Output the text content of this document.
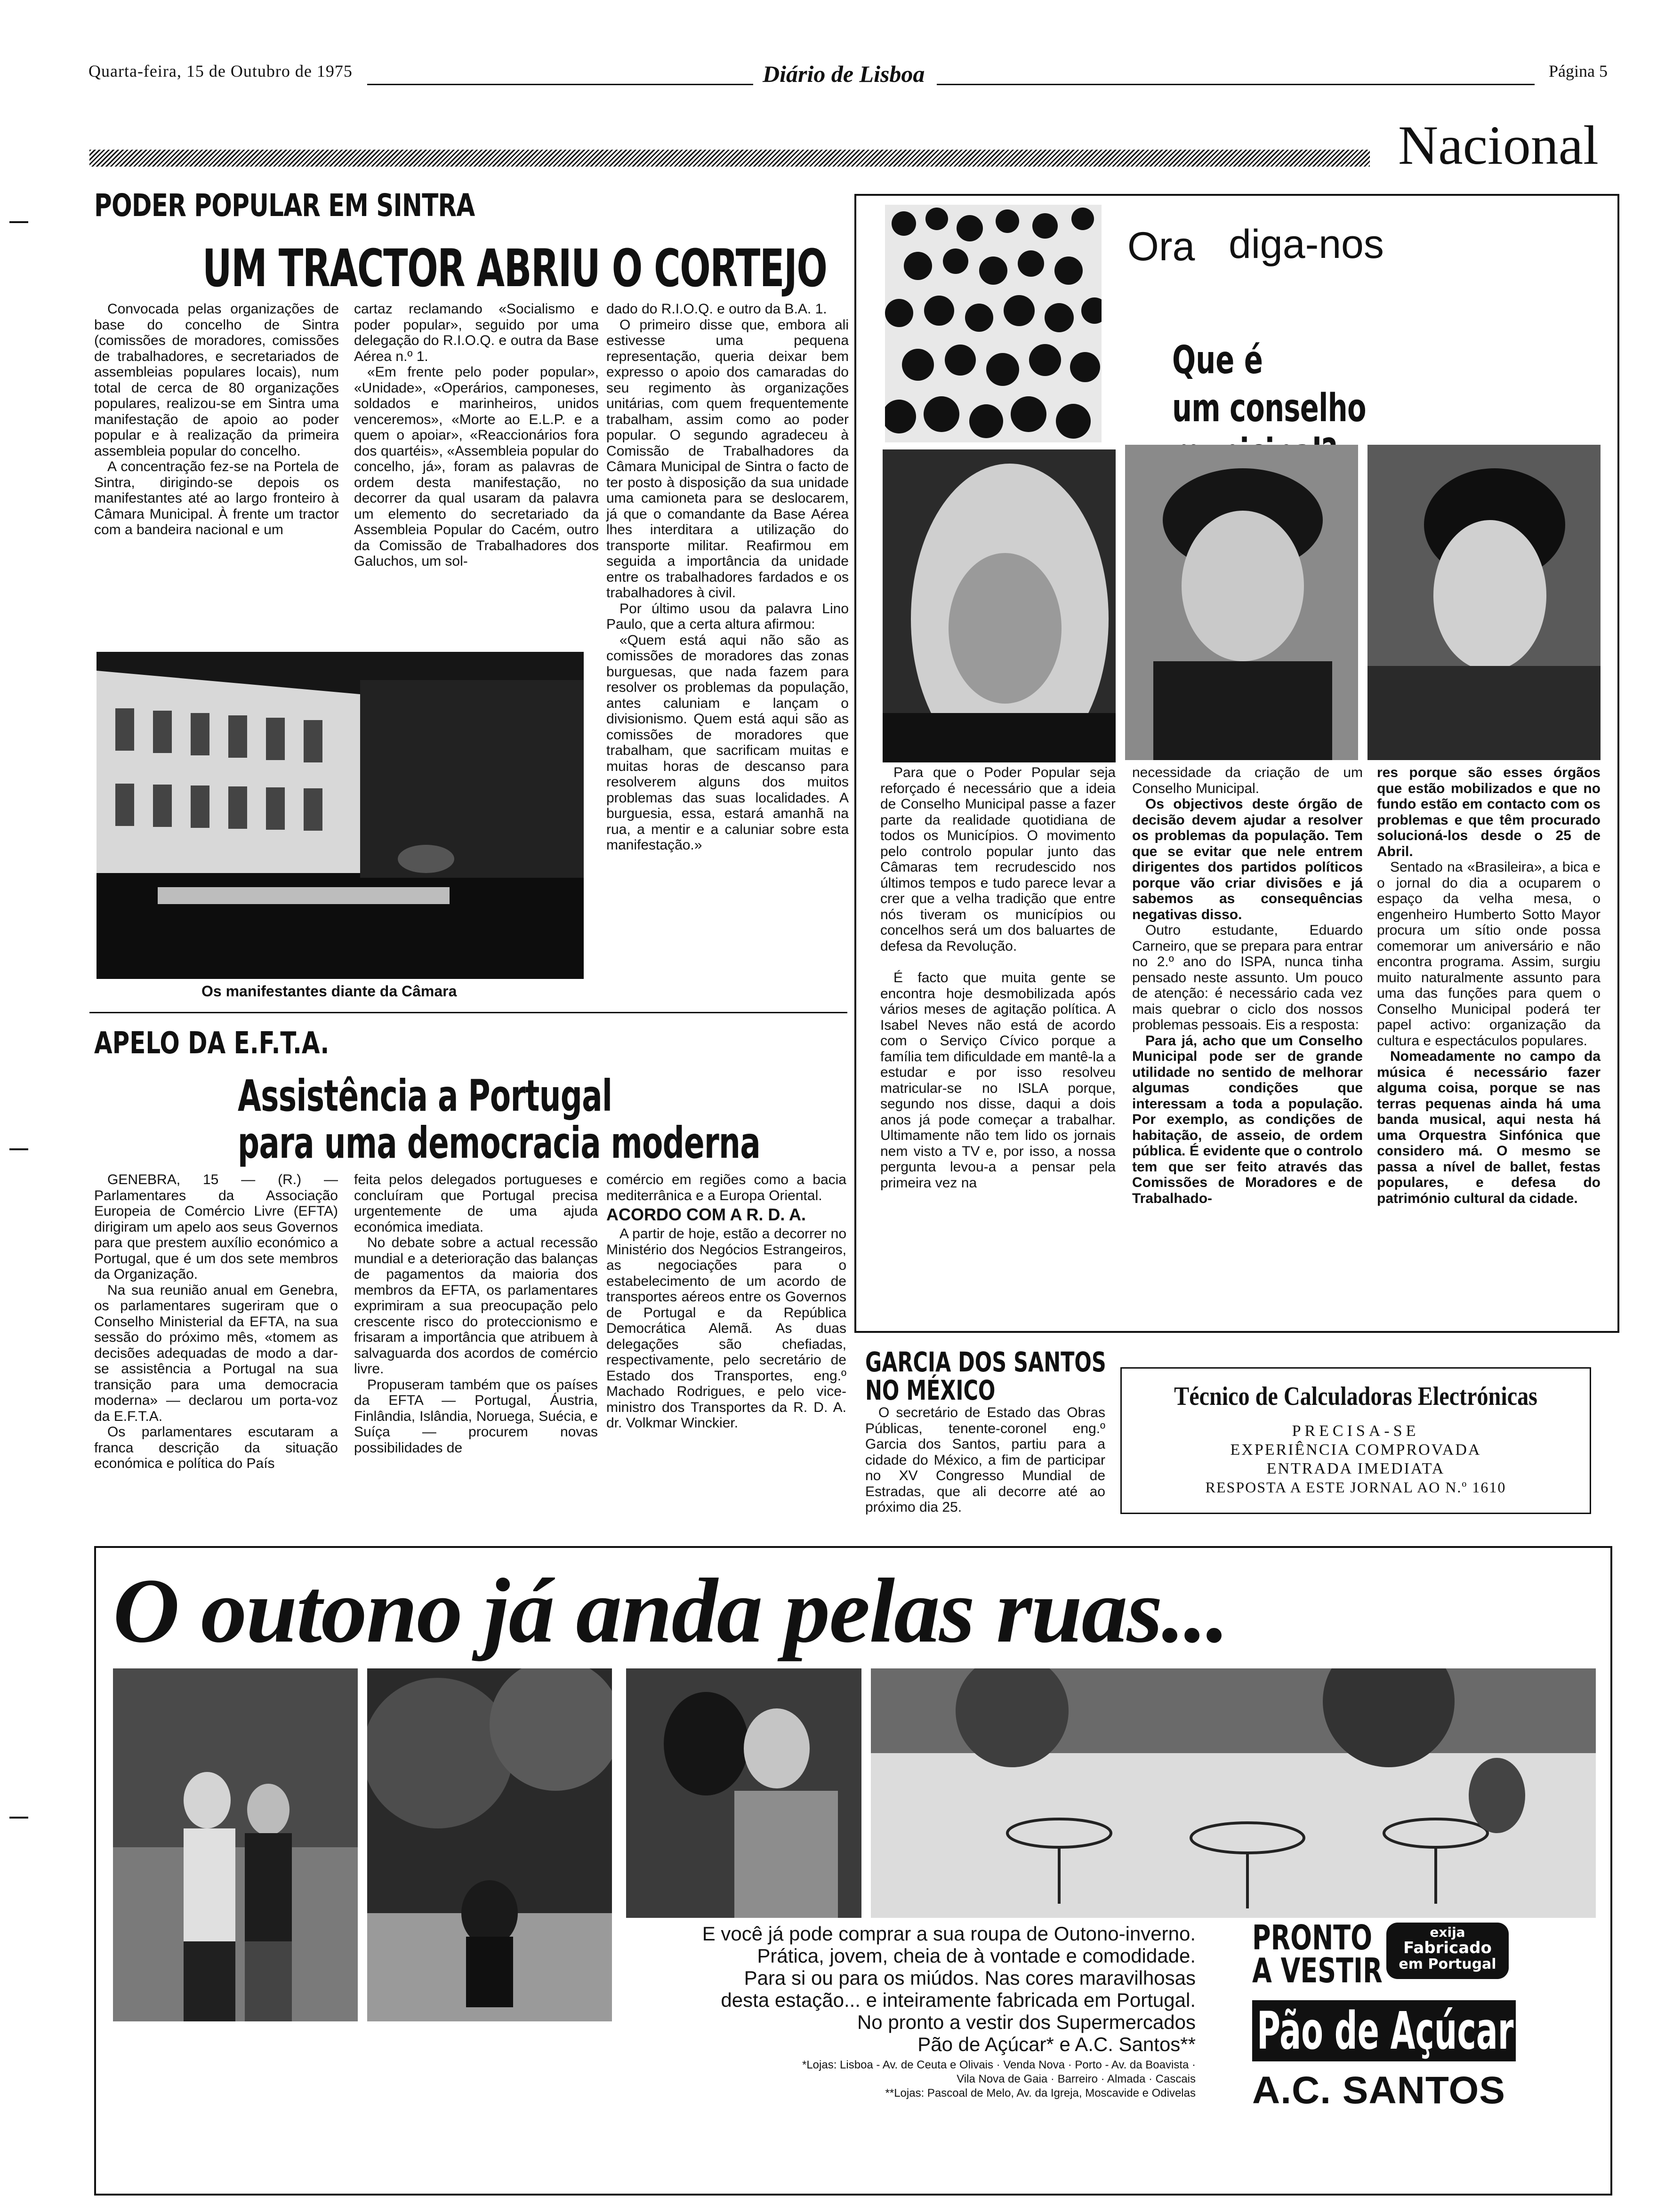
Quarta-feira, 15 de Outubro de 1975	Diário de Lisboa	Página 5
Nacional
PODER POPULAR EM SINTRA
UM TRACTOR ABRIU O CORTEJO

Convocada pelas organizações de base do concelho de Sintra (comissões de moradores, comissões de trabalhadores, e secretariados de assembleias populares locais), num total de cerca de 80 organizações populares, realizou-se em Sintra uma manifestação de apoio ao poder popular e à realização da primeira assembleia popular do concelho.

A concentração fez-se na Portela de Sintra, dirigindo-se depois os manifestantes até ao largo fronteiro à Câmara Municipal. À frente um tractor com a bandeira nacional e um

cartaz reclamando «Socialismo e poder popular», seguido por uma delegação do R.I.O.Q. e outra da Base Aérea n.º 1.

«Em frente pelo poder popular», «Unidade», «Operários, camponeses, soldados e marinheiros, unidos venceremos», «Morte ao E.L.P. e a quem o apoiar», «Reaccionários fora dos quartéis», «Assembleia popular do concelho, já», foram as palavras de ordem desta manifestação, no decorrer da qual usaram da palavra um elemento do secretariado da Assembleia Popular do Cacém, outro da Comissão de Trabalhadores dos Galuchos, um sol-

dado do R.I.O.Q. e outro da B.A. 1.

O primeiro disse que, embora ali estivesse uma pequena representação, queria deixar bem expresso o apoio dos camaradas do seu regimento às organizações unitárias, com quem frequentemente trabalham, assim como ao poder popular. O segundo agradeceu à Comissão de Trabalhadores da Câmara Municipal de Sintra o facto de ter posto à disposição da sua unidade uma camioneta para se deslocarem, já que o comandante da Base Aérea lhes interditara a utilização do transporte militar. Reafirmou em seguida a importância da unidade entre os trabalhadores fardados e os trabalhadores à civil.

Por último usou da palavra Lino Paulo, que a certa altura afirmou:

«Quem está aqui não são as comissões de moradores das zonas burguesas, que nada fazem para resolver os problemas da população, antes caluniam e lançam o divisionismo. Quem está aqui são as comissões de moradores que trabalham, que sacrificam muitas e muitas horas de descanso para resolverem alguns dos muitos problemas das suas localidades. A burguesia, essa, estará amanhã na rua, a mentir e a caluniar sobre esta manifestação.»

Os manifestantes diante da Câmara
APELO DA E.F.T.A.
Assistência a Portugal
para uma democracia moderna

GENEBRA, 15 — (R.) — Parlamentares da Associação Europeia de Comércio Livre (EFTA) dirigiram um apelo aos seus Governos para que prestem auxílio económico a Portugal, que é um dos sete membros da Organização.

Na sua reunião anual em Genebra, os parlamentares sugeriram que o Conselho Ministerial da EFTA, na sua sessão do próximo mês, «tomem as decisões adequadas de modo a dar-se assistência a Portugal na sua transição para uma democracia moderna» — declarou um porta-voz da E.F.T.A.

Os parlamentares escutaram a franca descrição da situação económica e política do País

feita pelos delegados portugueses e concluíram que Portugal precisa urgentemente de uma ajuda económica imediata.

No debate sobre a actual recessão mundial e a deterioração das balanças de pagamentos da maioria dos membros da EFTA, os parlamentares exprimiram a sua preocupação pelo crescente risco do proteccionismo e frisaram a importância que atribuem à salvaguarda dos acordos de comércio livre.

Propuseram também que os países da EFTA — Portugal, Áustria, Finlândia, Islândia, Noruega, Suécia, e Suíça — procurem novas possibilidades de

comércio em regiões como a bacia mediterrânica e a Europa Oriental.

ACORDO COM A R. D. A.

A partir de hoje, estão a decorrer no Ministério dos Negócios Estrangeiros, as negociações para o estabelecimento de um acordo de transportes aéreos entre os Governos de Portugal e da República Democrática Alemã. As duas delegações são chefiadas, respectivamente, pelo secretário de Estado dos Transportes, eng.º Machado Rodrigues, e pelo vice-ministro dos Transportes da R. D. A. dr. Volkmar Winckier.

Ora diga-nos
Que é
um conselho

Para que o Poder Popular seja reforçado é necessário que a ideia de Conselho Municipal passe a fazer parte da realidade quotidiana de todos os Municípios. O movimento pelo controlo popular junto das Câmaras tem recrudescido nos últimos tempos e tudo parece levar a crer que a velha tradição que entre nós tiveram os municípios ou concelhos será um dos baluartes de defesa da Revolução.

É facto que muita gente se encontra hoje desmobilizada após vários meses de agitação política. A Isabel Neves não está de acordo com o Serviço Cívico porque a família tem dificuldade em mantê-la a estudar e por isso resolveu matricular-se no ISLA porque, segundo nos disse, daqui a dois anos já pode começar a trabalhar. Ultimamente não tem lido os jornais nem visto a TV e, por isso, a nossa pergunta levou-a a pensar pela primeira vez na

necessidade da criação de um Conselho Municipal.

Os objectivos deste órgão de decisão devem ajudar a resolver os problemas da população. Tem que se evitar que nele entrem dirigentes dos partidos políticos porque vão criar divisões e já sabemos as consequências negativas disso.

Outro estudante, Eduardo Carneiro, que se prepara para entrar no 2.º ano do ISPA, nunca tinha pensado neste assunto. Um pouco de atenção: é necessário cada vez mais quebrar o ciclo dos nossos problemas pessoais. Eis a resposta:

Para já, acho que um Conselho Municipal pode ser de grande utilidade no sentido de melhorar algumas condições que interessam a toda a população. Por exemplo, as condições de habitação, de asseio, de ordem pública. É evidente que o controlo tem que ser feito através das Comissões de Moradores e de Trabalhado-

res porque são esses órgãos que estão mobilizados e que no fundo estão em contacto com os problemas e que têm procurado solucioná-los desde o 25 de Abril.

Sentado na «Brasileira», a bica e o jornal do dia a ocuparem o espaço da velha mesa, o engenheiro Humberto Sotto Mayor procura um sítio onde possa comemorar um aniversário e não encontra programa. Assim, surgiu muito naturalmente assunto para uma das funções para quem o Conselho Municipal poderá ter papel activo: organização da cultura e espectáculos populares.

Nomeadamente no campo da música é necessário fazer alguma coisa, porque se nas terras pequenas ainda há uma banda musical, aqui nesta há uma Orquestra Sinfónica que considero má. O mesmo se passa a nível de ballet, festas populares, e defesa do património cultural da cidade.

GARCIA DOS SANTOS
NO MÉXICO

O secretário de Estado das Obras Públicas, tenente-coronel eng.º Garcia dos Santos, partiu para a cidade do México, a fim de participar no XV Congresso Mundial de Estradas, que ali decorre até ao próximo dia 25.

Técnico de Calculadoras Electrónicas
PRECISA-SE
EXPERIÊNCIA COMPROVADA
ENTRADA IMEDIATA
RESPOSTA A ESTE JORNAL AO N.º 1610
O outono já anda pelas ruas...
E você já pode comprar a sua roupa de Outono-inverno.
Prática, jovem, cheia de à vontade e comodidade.
Para si ou para os miúdos. Nas cores maravilhosas
desta estação... e inteiramente fabricada em Portugal.
No pronto a vestir dos Supermercados
Pão de Açúcar* e A.C. Santos**
*Lojas: Lisboa - Av. de Ceuta e Olivais · Venda Nova · Porto - Av. da Boavista ·
Vila Nova de Gaia · Barreiro · Almada · Cascais
**Lojas: Pascoal de Melo, Av. da Igreja, Moscavide e Odivelas
PRONTO
A VESTIR
exija
Fabricado
em Portugal
Pão de Açúcar
A.C. SANTOS
